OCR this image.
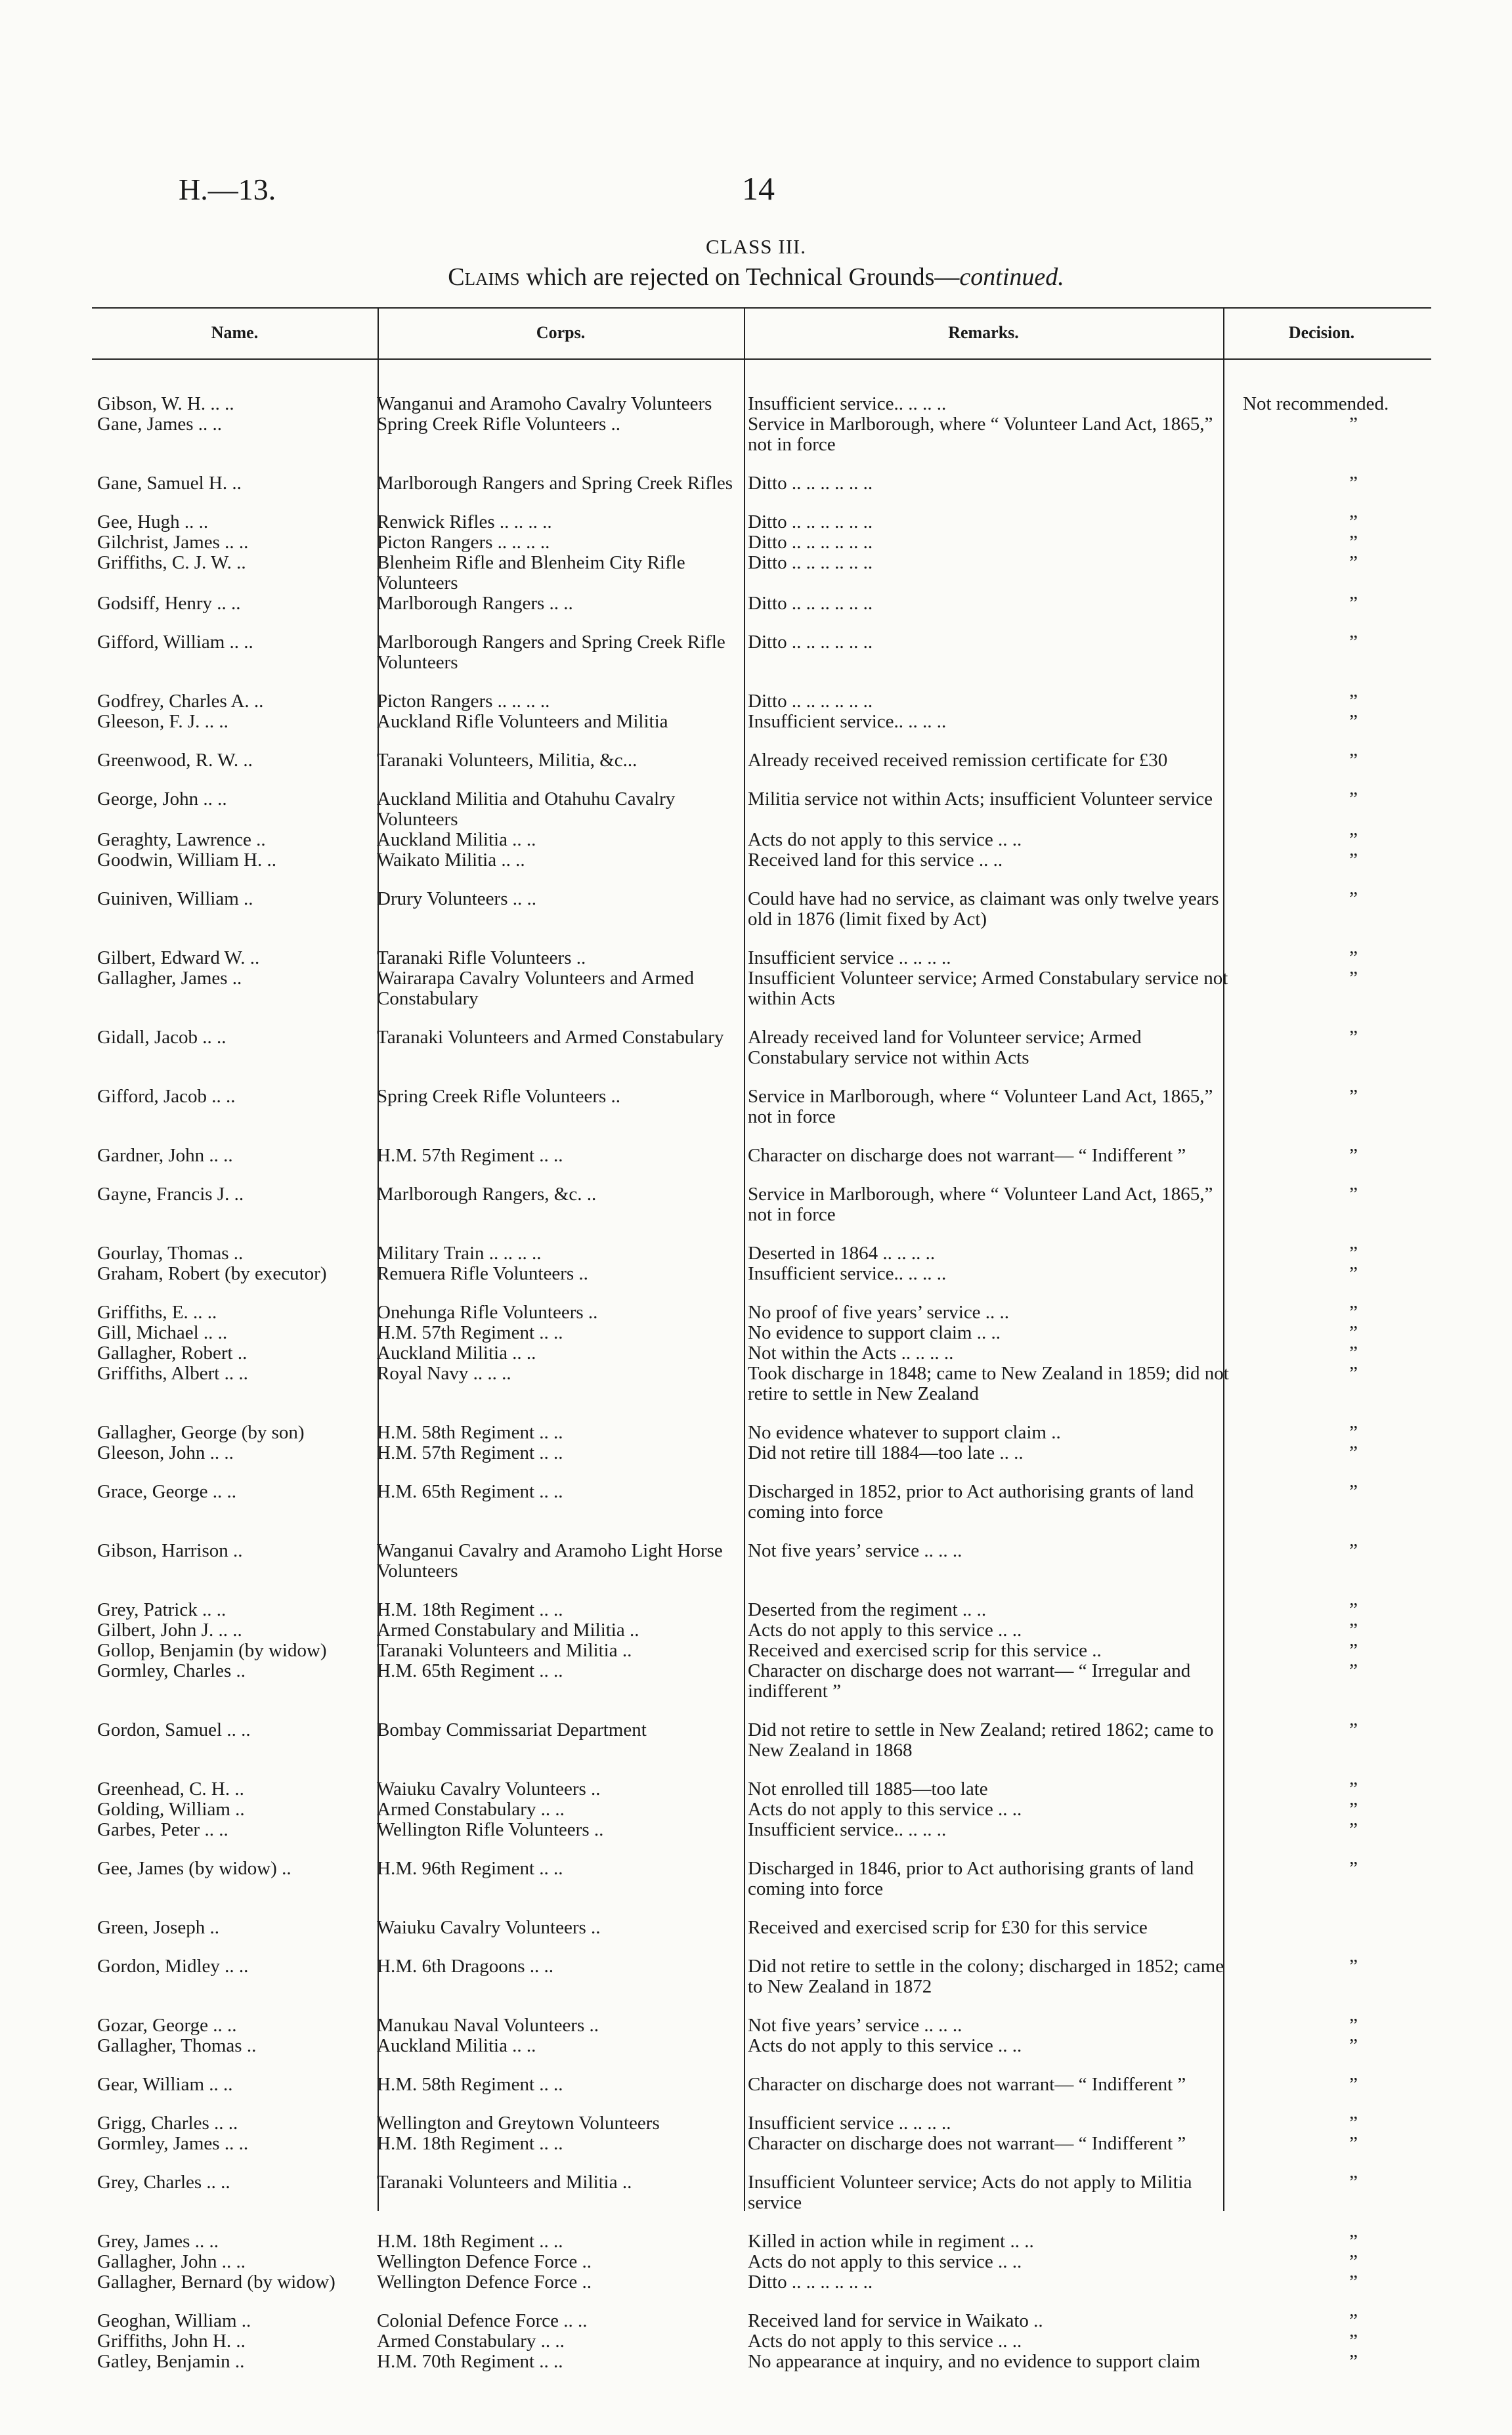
H.—13.	14
CLASS III.
Claims which are rejected on Technical Grounds—continued.
Name.	Corps.	Remarks.	Decision.
Gibson, W. H. .. ..	Wanganui and Aramoho Cavalry Volunteers	Insufficient service.. .. .. ..	Not recommended.
Gane, James .. ..	Spring Creek Rifle Volunteers ..	Service in Marlborough, where “ Volunteer Land Act, 1865,” not in force	”
Gane, Samuel H. ..	Marlborough Rangers and Spring Creek Rifles	Ditto .. .. .. .. .. ..	”
Gee, Hugh .. ..	Renwick Rifles .. .. .. ..	Ditto .. .. .. .. .. ..	”
Gilchrist, James .. ..	Picton Rangers .. .. .. ..	Ditto .. .. .. .. .. ..	”
Griffiths, C. J. W. ..	Blenheim Rifle and Blenheim City Rifle Volunteers	Ditto .. .. .. .. .. ..	”
Godsiff, Henry .. ..	Marlborough Rangers .. ..	Ditto .. .. .. .. .. ..	”
Gifford, William .. ..	Marlborough Rangers and Spring Creek Rifle Volunteers	Ditto .. .. .. .. .. ..	”
Godfrey, Charles A. ..	Picton Rangers .. .. .. ..	Ditto .. .. .. .. .. ..	”
Gleeson, F. J. .. ..	Auckland Rifle Volunteers and Militia	Insufficient service.. .. .. ..	”
Greenwood, R. W. ..	Taranaki Volunteers, Militia, &c...	Already received received remission certificate for £30	”
George, John .. ..	Auckland Militia and Otahuhu Cavalry Volunteers	Militia service not within Acts; insufficient Volunteer service	”
Geraghty, Lawrence ..	Auckland Militia .. ..	Acts do not apply to this service .. ..	”
Goodwin, William H. ..	Waikato Militia .. ..	Received land for this service .. ..	”
Guiniven, William ..	Drury Volunteers .. ..	Could have had no service, as claimant was only twelve years old in 1876 (limit fixed by Act)	”
Gilbert, Edward W. ..	Taranaki Rifle Volunteers ..	Insufficient service .. .. .. ..	”
Gallagher, James ..	Wairarapa Cavalry Volunteers and Armed Constabulary	Insufficient Volunteer service; Armed Constabulary service not within Acts	”
Gidall, Jacob .. ..	Taranaki Volunteers and Armed Constabulary	Already received land for Volunteer service; Armed Constabulary service not within Acts	”
Gifford, Jacob .. ..	Spring Creek Rifle Volunteers ..	Service in Marlborough, where “ Volunteer Land Act, 1865,” not in force	”
Gardner, John .. ..	H.M. 57th Regiment .. ..	Character on discharge does not warrant— “ Indifferent ”	”
Gayne, Francis J. ..	Marlborough Rangers, &c. ..	Service in Marlborough, where “ Volunteer Land Act, 1865,” not in force	”
Gourlay, Thomas ..	Military Train .. .. .. ..	Deserted in 1864 .. .. .. ..	”
Graham, Robert (by executor)	Remuera Rifle Volunteers ..	Insufficient service.. .. .. ..	”
Griffiths, E. .. ..	Onehunga Rifle Volunteers ..	No proof of five years’ service .. ..	”
Gill, Michael .. ..	H.M. 57th Regiment .. ..	No evidence to support claim .. ..	”
Gallagher, Robert ..	Auckland Militia .. ..	Not within the Acts .. .. .. ..	”
Griffiths, Albert .. ..	Royal Navy .. .. ..	Took discharge in 1848; came to New Zealand in 1859; did not retire to settle in New Zealand	”
Gallagher, George (by son)	H.M. 58th Regiment .. ..	No evidence whatever to support claim ..	”
Gleeson, John .. ..	H.M. 57th Regiment .. ..	Did not retire till 1884—too late .. ..	”
Grace, George .. ..	H.M. 65th Regiment .. ..	Discharged in 1852, prior to Act authorising grants of land coming into force	”
Gibson, Harrison ..	Wanganui Cavalry and Aramoho Light Horse Volunteers	Not five years’ service .. .. ..	”
Grey, Patrick .. ..	H.M. 18th Regiment .. ..	Deserted from the regiment .. ..	”
Gilbert, John J. .. ..	Armed Constabulary and Militia ..	Acts do not apply to this service .. ..	”
Gollop, Benjamin (by widow)	Taranaki Volunteers and Militia ..	Received and exercised scrip for this service ..	”
Gormley, Charles ..	H.M. 65th Regiment .. ..	Character on discharge does not warrant— “ Irregular and indifferent ”	”
Gordon, Samuel .. ..	Bombay Commissariat Department	Did not retire to settle in New Zealand; retired 1862; came to New Zealand in 1868	”
Greenhead, C. H. ..	Waiuku Cavalry Volunteers ..	Not enrolled till 1885—too late	”
Golding, William ..	Armed Constabulary .. ..	Acts do not apply to this service .. ..	”
Garbes, Peter .. ..	Wellington Rifle Volunteers ..	Insufficient service.. .. .. ..	”
Gee, James (by widow) ..	H.M. 96th Regiment .. ..	Discharged in 1846, prior to Act authorising grants of land coming into force	”
Green, Joseph ..	Waiuku Cavalry Volunteers ..	Received and exercised scrip for £30 for this service	
Gordon, Midley .. ..	H.M. 6th Dragoons .. ..	Did not retire to settle in the colony; discharged in 1852; came to New Zealand in 1872	”
Gozar, George .. ..	Manukau Naval Volunteers ..	Not five years’ service .. .. ..	”
Gallagher, Thomas ..	Auckland Militia .. ..	Acts do not apply to this service .. ..	”
Gear, William .. ..	H.M. 58th Regiment .. ..	Character on discharge does not warrant— “ Indifferent ”	”
Grigg, Charles .. ..	Wellington and Greytown Volunteers	Insufficient service .. .. .. ..	”
Gormley, James .. ..	H.M. 18th Regiment .. ..	Character on discharge does not warrant— “ Indifferent ”	”
Grey, Charles .. ..	Taranaki Volunteers and Militia ..	Insufficient Volunteer service; Acts do not apply to Militia service	”
Grey, James .. ..	H.M. 18th Regiment .. ..	Killed in action while in regiment .. ..	”
Gallagher, John .. ..	Wellington Defence Force ..	Acts do not apply to this service .. ..	”
Gallagher, Bernard (by widow)	Wellington Defence Force ..	Ditto .. .. .. .. .. ..	”
Geoghan, William ..	Colonial Defence Force .. ..	Received land for service in Waikato ..	”
Griffiths, John H. ..	Armed Constabulary .. ..	Acts do not apply to this service .. ..	”
Gatley, Benjamin ..	H.M. 70th Regiment .. ..	No appearance at inquiry, and no evidence to support claim	”
